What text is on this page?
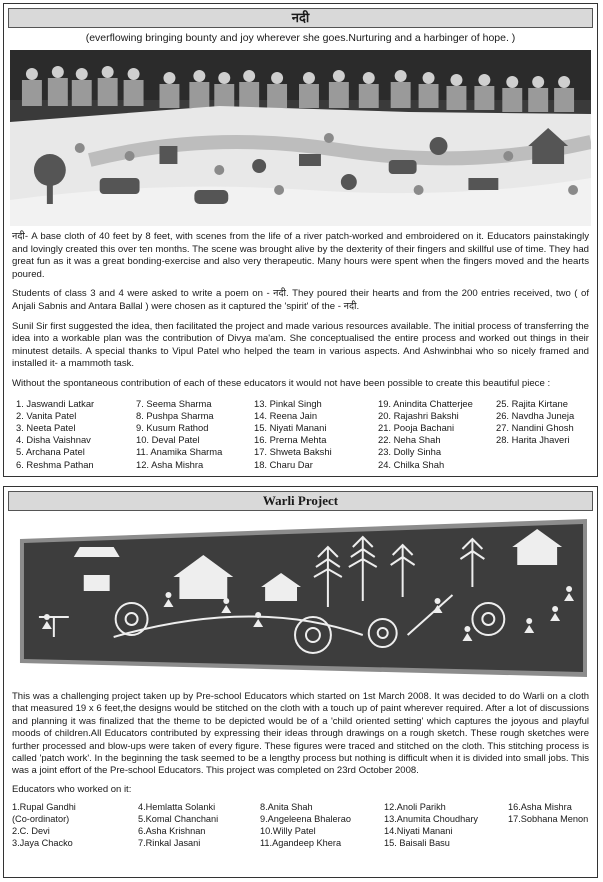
नदी
(everflowing bringing bounty and joy wherever she goes.Nurturing and a harbinger of hope. )

नदी- A base cloth of 40 feet by 8 feet, with scenes from the life of a river patch-worked and embroidered on it. Educators painstakingly and lovingly created this over ten months. The scene was brought alive by the dexterity of their fingers and skillful use of time. They had great fun as it was a great bonding-exercise and also very therapeutic. Many hours were spent when the fingers moved and the hearts poured.

Students of class 3 and 4 were asked to write a poem on - नदी. They poured their hearts and from the 200 entries received, two ( of Anjali Sabnis and Antara Ballal ) were chosen as it captured the 'spirit' of the - नदी.

Sunil Sir first suggested the idea, then facilitated the project and made various resources available. The initial process of transferring the idea into a workable plan was the contribution of Divya ma'am. She conceptualised the entire process and worked out things in their minutest details. A special thanks to Vipul Patel who helped the team in various aspects. And Ashwinbhai who so nicely framed and installed it- a mammoth task.

Without the spontaneous contribution of each of these educators it would not have been possible to create this beautiful piece :

1. Jaswandi Latkar
2. Vanita Patel
3. Neeta Patel
4. Disha Vaishnav
5. Archana Patel
6. Reshma Pathan
7. Seema Sharma
8. Pushpa Sharma
9. Kusum Rathod
10. Deval Patel
11. Anamika Sharma
12. Asha Mishra
13. Pinkal Singh
14. Reena Jain
15. Niyati Manani
16. Prerna Mehta
17. Shweta Bakshi
18. Charu Dar
19. Anindita Chatterjee
20. Rajashri Bakshi
21. Pooja Bachani
22. Neha Shah
23. Dolly Sinha
24. Chilka Shah
25. Rajita Kirtane
26. Navdha Juneja
27. Nandini Ghosh
28. Harita Jhaveri
Warli Project

This was a challenging project taken up by Pre-school Educators which started on 1st March 2008. It was decided to do Warli on a cloth that measured 19 x 6 feet,the designs would be stitched on the cloth with a touch up of paint wherever required. After a lot of discussions and planning it was finalized that the theme to be depicted would be of a 'child oriented setting' which captures the joyous and playful moods of children.All Educators contributed by expressing their ideas through drawings on a rough sketch. These rough sketches were further processed and blow-ups were taken of every figure. These figures were traced and stitched on the cloth. This stitching process is called 'patch work'. In the beginning the task seemed to be a lengthy process but nothing is difficult when it is divided into small jobs. This was a joint effort of the Pre-school Educators. This project was completed on 23rd October 2008.

Educators who worked on it:

1.Rupal Gandhi
(Co-ordinator)
2.C. Devi
3.Jaya Chacko
4.Hemlatta Solanki
5.Komal Chanchani
6.Asha Krishnan
7.Rinkal Jasani
8.Anita Shah
9.Angeleena Bhalerao
10.Willy Patel
11.Agandeep Khera
12.Anoli Parikh
13.Anumita Choudhary
14.Niyati Manani
15. Baisali Basu
16.Asha Mishra
17.Sobhana Menon
